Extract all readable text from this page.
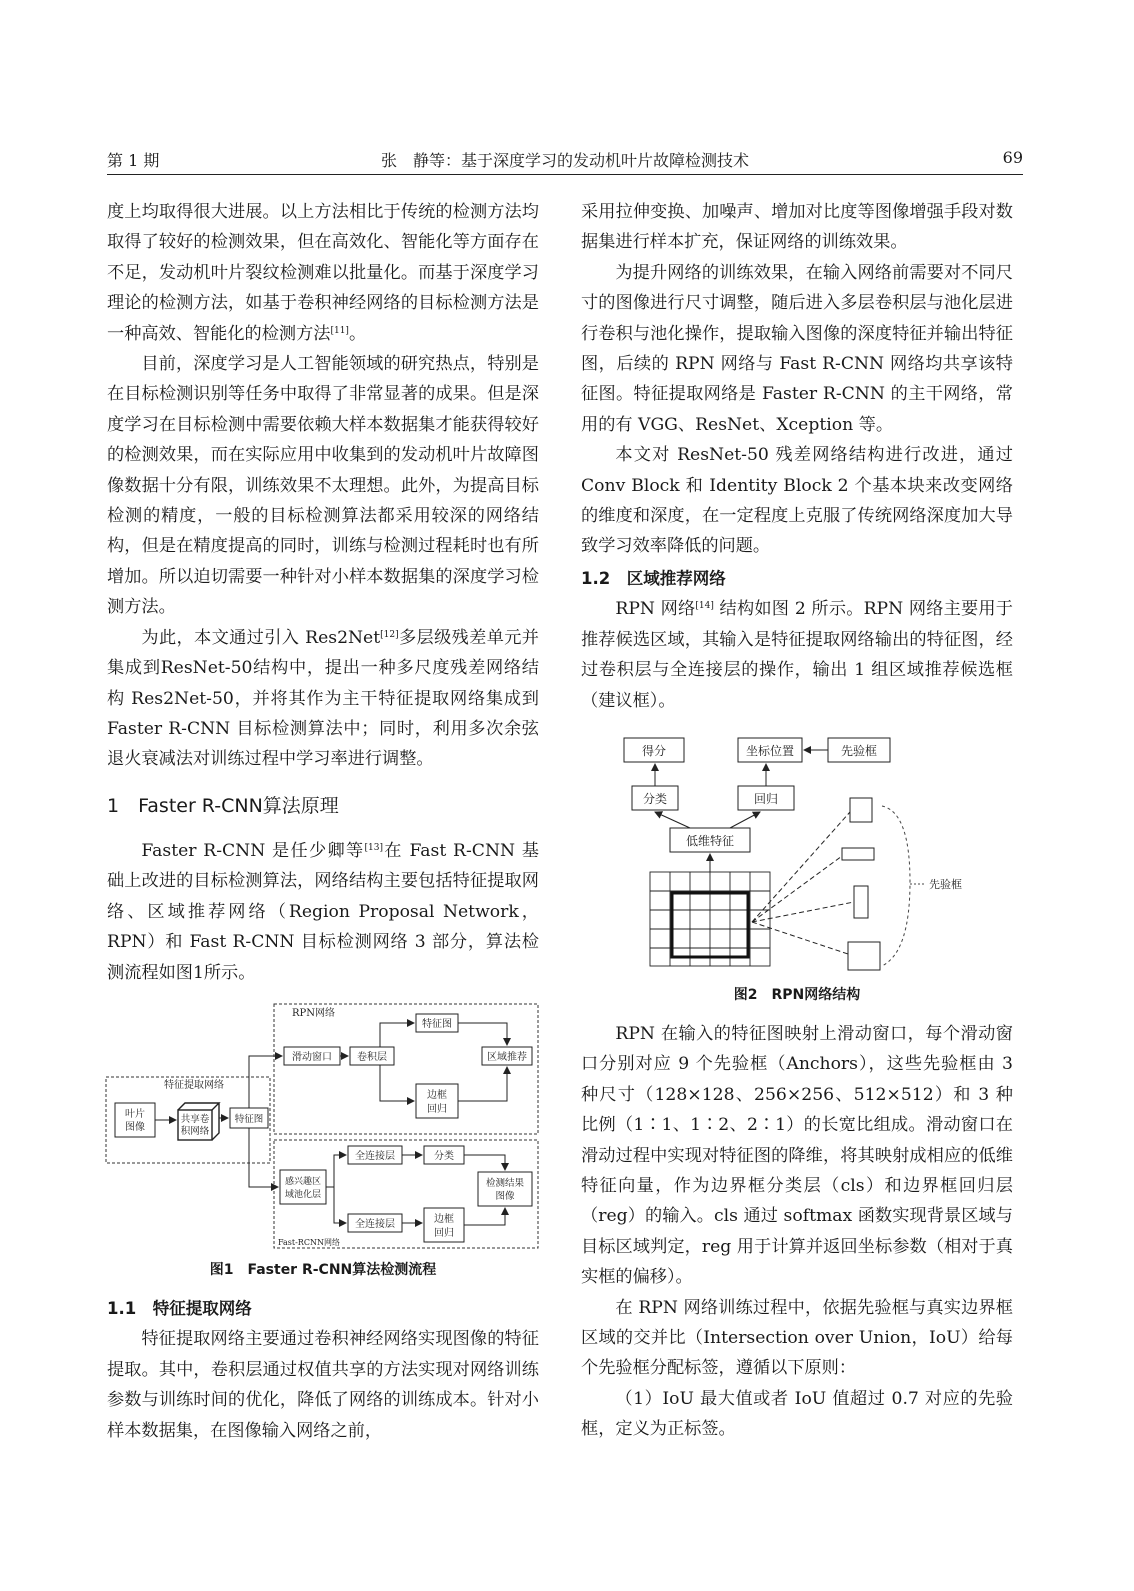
第 1 期	张　静等：基于深度学习的发动机叶片故障检测技术	69

度上均取得很大进展。以上方法相比于传统的检测方法均取得了较好的检测效果，但在高效化、智能化等方面存在不足，发动机叶片裂纹检测难以批量化。而基于深度学习理论的检测方法，如基于卷积神经网络的目标检测方法是一种高效、智能化的检测方法[11]。

目前，深度学习是人工智能领域的研究热点，特别是在目标检测识别等任务中取得了非常显著的成果。但是深度学习在目标检测中需要依赖大样本数据集才能获得较好的检测效果，而在实际应用中收集到的发动机叶片故障图像数据十分有限，训练效果不太理想。此外，为提高目标检测的精度，一般的目标检测算法都采用较深的网络结构，但是在精度提高的同时，训练与检测过程耗时也有所增加。所以迫切需要一种针对小样本数据集的深度学习检测方法。

为此，本文通过引入 Res2Net[12]多层级残差单元并集成到ResNet-50结构中，提出一种多尺度残差网络结构 Res2Net-50，并将其作为主干特征提取网络集成到 Faster R-CNN 目标检测算法中；同时，利用多次余弦退火衰减法对训练过程中学习率进行调整。

1　Faster R-CNN算法原理

Faster R-CNN 是任少卿等[13]在 Fast R-CNN 基础上改进的目标检测算法，网络结构主要包括特征提取网络、区域推荐网络（Region Proposal Network，RPN）和 Fast R-CNN 目标检测网络 3 部分，算法检测流程如图1所示。

RPN网络
特征提取网络
Fast-RCNN网络
叶片
图像
共享卷
积网络
特征图
滑动窗口	卷积层
特征图
边框
回归
区域推荐
感兴趣区
域池化层
全连接层	分类
全连接层	边框
回归
检测结果
图像
图1　Faster R-CNN算法检测流程

1.1　特征提取网络

特征提取网络主要通过卷积神经网络实现图像的特征提取。其中，卷积层通过权值共享的方法实现对网络训练参数与训练时间的优化，降低了网络的训练成本。针对小样本数据集，在图像输入网络之前，

采用拉伸变换、加噪声、增加对比度等图像增强手段对数据集进行样本扩充，保证网络的训练效果。

为提升网络的训练效果，在输入网络前需要对不同尺寸的图像进行尺寸调整，随后进入多层卷积层与池化层进行卷积与池化操作，提取输入图像的深度特征并输出特征图，后续的 RPN 网络与 Fast R-CNN 网络均共享该特征图。特征提取网络是 Faster R-CNN 的主干网络，常用的有 VGG、ResNet、Xception 等。

本文对 ResNet-50 残差网络结构进行改进，通过 Conv Block 和 Identity Block 2 个基本块来改变网络的维度和深度，在一定程度上克服了传统网络深度加大导致学习效率降低的问题。

1.2　区域推荐网络

RPN 网络[14] 结构如图 2 所示。RPN 网络主要用于推荐候选区域，其输入是特征提取网络输出的特征图，经过卷积层与全连接层的操作，输出 1 组区域推荐候选框（建议框）。

得分	坐标位置	先验框
分类	回归
低维特征
先验框
图2　RPN网络结构

RPN 在输入的特征图映射上滑动窗口，每个滑动窗口分别对应 9 个先验框（Anchors），这些先验框由 3 种尺寸（128×128、256×256、512×512）和 3 种比例（1∶1、1∶2、2∶1）的长宽比组成。滑动窗口在滑动过程中实现对特征图的降维，将其映射成相应的低维特征向量，作为边界框分类层（cls）和边界框回归层（reg）的输入。cls 通过 softmax 函数实现背景区域与目标区域判定，reg 用于计算并返回坐标参数（相对于真实框的偏移）。

在 RPN 网络训练过程中，依据先验框与真实边界框区域的交并比（Intersection over Union，IoU）给每个先验框分配标签，遵循以下原则：

（1）IoU 最大值或者 IoU 值超过 0.7 对应的先验框，定义为正标签。
